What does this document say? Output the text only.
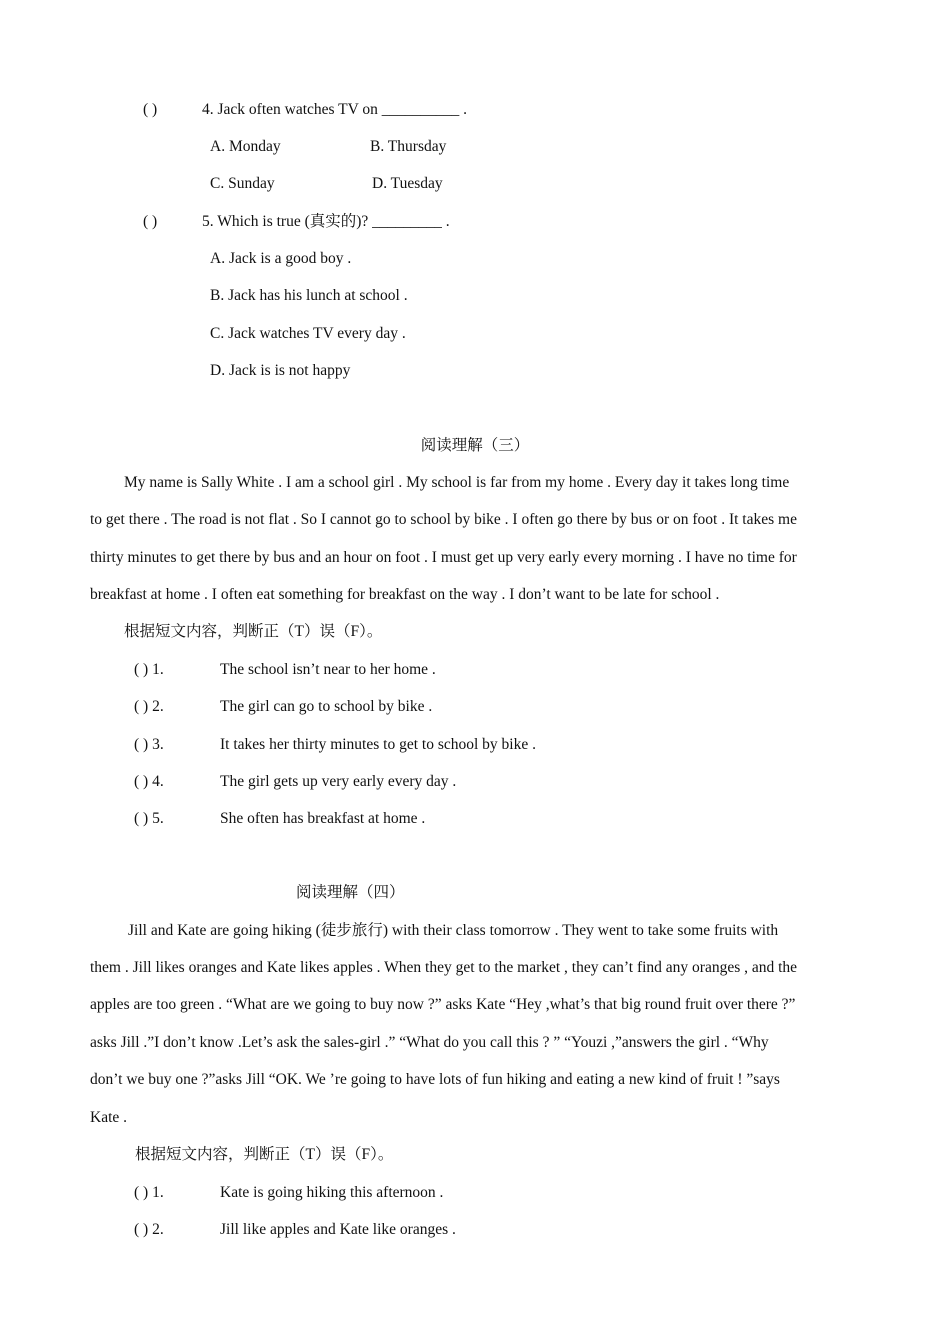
( )	4. Jack often watches TV on __________ .
A. Monday	B. Thursday
C. Sunday	D. Tuesday
( )	5. Which is true (真实的)? _________ .
A. Jack is a good boy .
B. Jack has his lunch at school .
C. Jack watches TV every day .
D. Jack is is not happy
阅读理解（三）
My name is Sally White . I am a school girl . My school is far from my home . Every day it takes long time
to get there . The road is not flat . So I cannot go to school by bike . I often go there by bus or on foot . It takes me
thirty minutes to get there by bus and an hour on foot . I must get up very early every morning . I have no time for
breakfast at home . I often eat something for breakfast on the way . I don’t want to be late for school .
根据短文内容，判断正（T）误（F）。
( ) 1.	The school isn’t near to her home .
( ) 2.	The girl can go to school by bike .
( ) 3.	It takes her thirty minutes to get to school by bike .
( ) 4.	The girl gets up very early every day .
( ) 5.	She often has breakfast at home .
阅读理解（四）
Jill and Kate are going hiking (徒步旅行) with their class tomorrow . They went to take some fruits with
them . Jill likes oranges and Kate likes apples . When they get to the market , they can’t find any oranges , and the
apples are too green . “What are we going to buy now ?” asks Kate “Hey ,what’s that big round fruit over there ?”
asks Jill .”I don’t know .Let’s ask the sales-girl .” “What do you call this ? ” “Youzi ,”answers the girl . “Why
don’t we buy one ?”asks Jill “OK. We ’re going to have lots of fun hiking and eating a new kind of fruit ! ”says
Kate .
根据短文内容，判断正（T）误（F）。
( ) 1.	Kate is going hiking this afternoon .
( ) 2.	Jill like apples and Kate like oranges .
